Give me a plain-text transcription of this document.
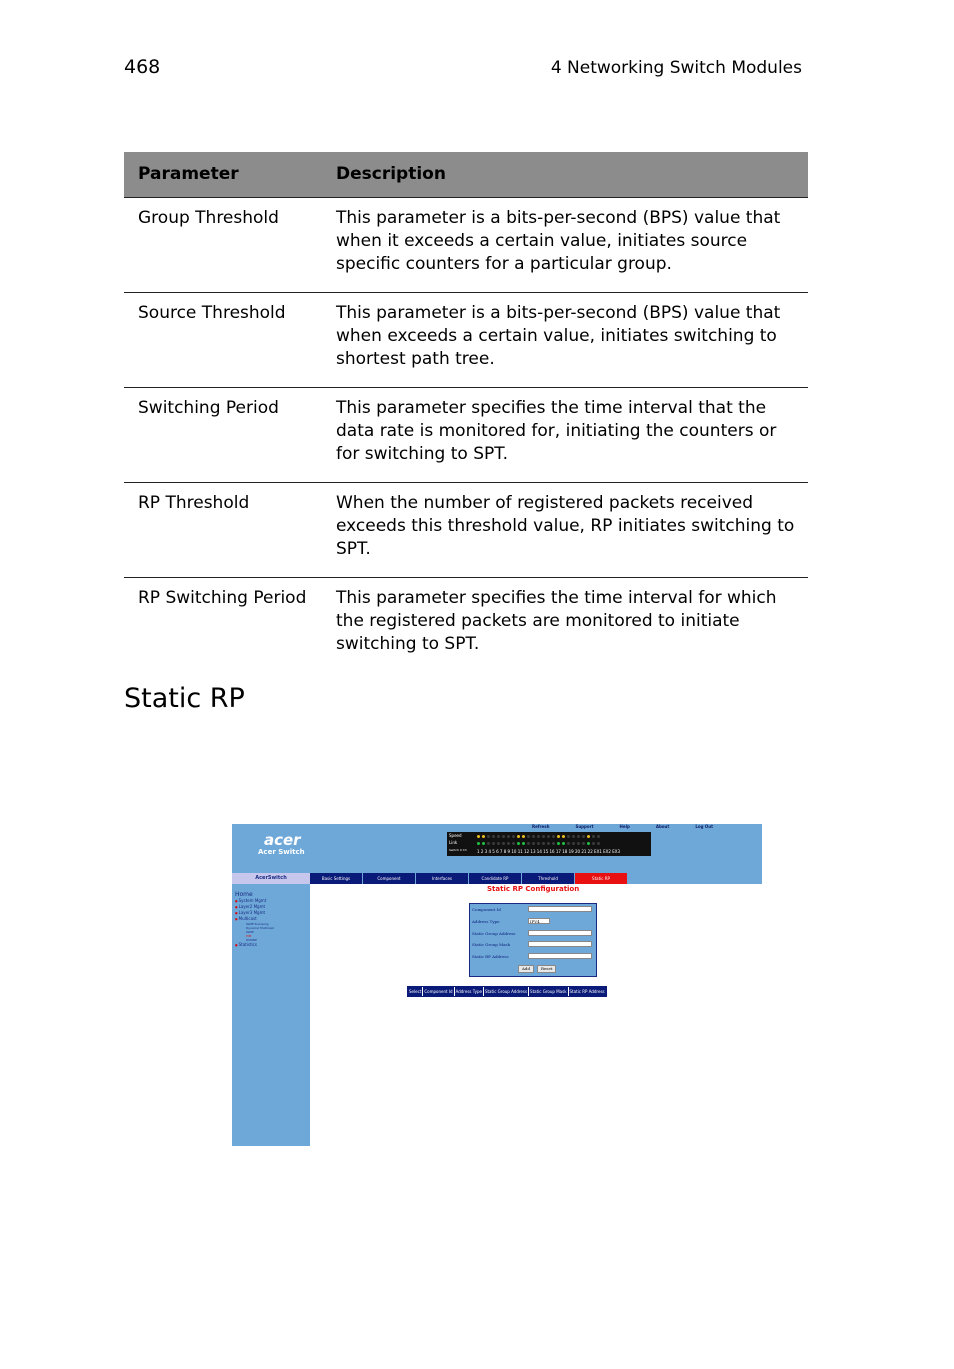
468	4 Networking Switch Modules
Parameter	Description
Group Threshold	This parameter is a bits-per-second (BPS) value that when it exceeds a certain value, initiates source specific counters for a particular group.
Source Threshold	This parameter is a bits-per-second (BPS) value that when exceeds a certain value, initiates switching to shortest path tree.
Switching Period	This parameter specifies the time interval that the data rate is monitored for, initiating the counters or for switching to SPT.
RP Threshold	When the number of registered packets received exceeds this threshold value, RP initiates switching to SPT.
RP Switching Period	This parameter specifies the time interval for which the registered packets are monitored to initiate switching to SPT.
Static RP
acer
Acer Switch
Speed
Link
Switch 0 Ch	1 2 3 4 5 6 7 8 9 10 11 12 13 14 15 16 17 18 19 20 21 22 EX1 EX2 EX3
Refresh	Support	Help	About	Log Out
AcerSwitch
Home
● System Mgmt
● Layer2 Mgmt
● Layer3 Mgmt
● Multicast
IGMP Snooping
Dynamic Multicast
IGMP
PIM
DVMRP
● Statistics
Basic Settings	Component	Interfaces	Candidate RP	Threshold	Static RP
Static RP Configuration
Component Id
Address Type	IPV4
Static Group Address
Static Group Mask
Static RP Address
Add	Reset
Select Component Id Address Type Static Group Address Static Group Mask Static RP Address
